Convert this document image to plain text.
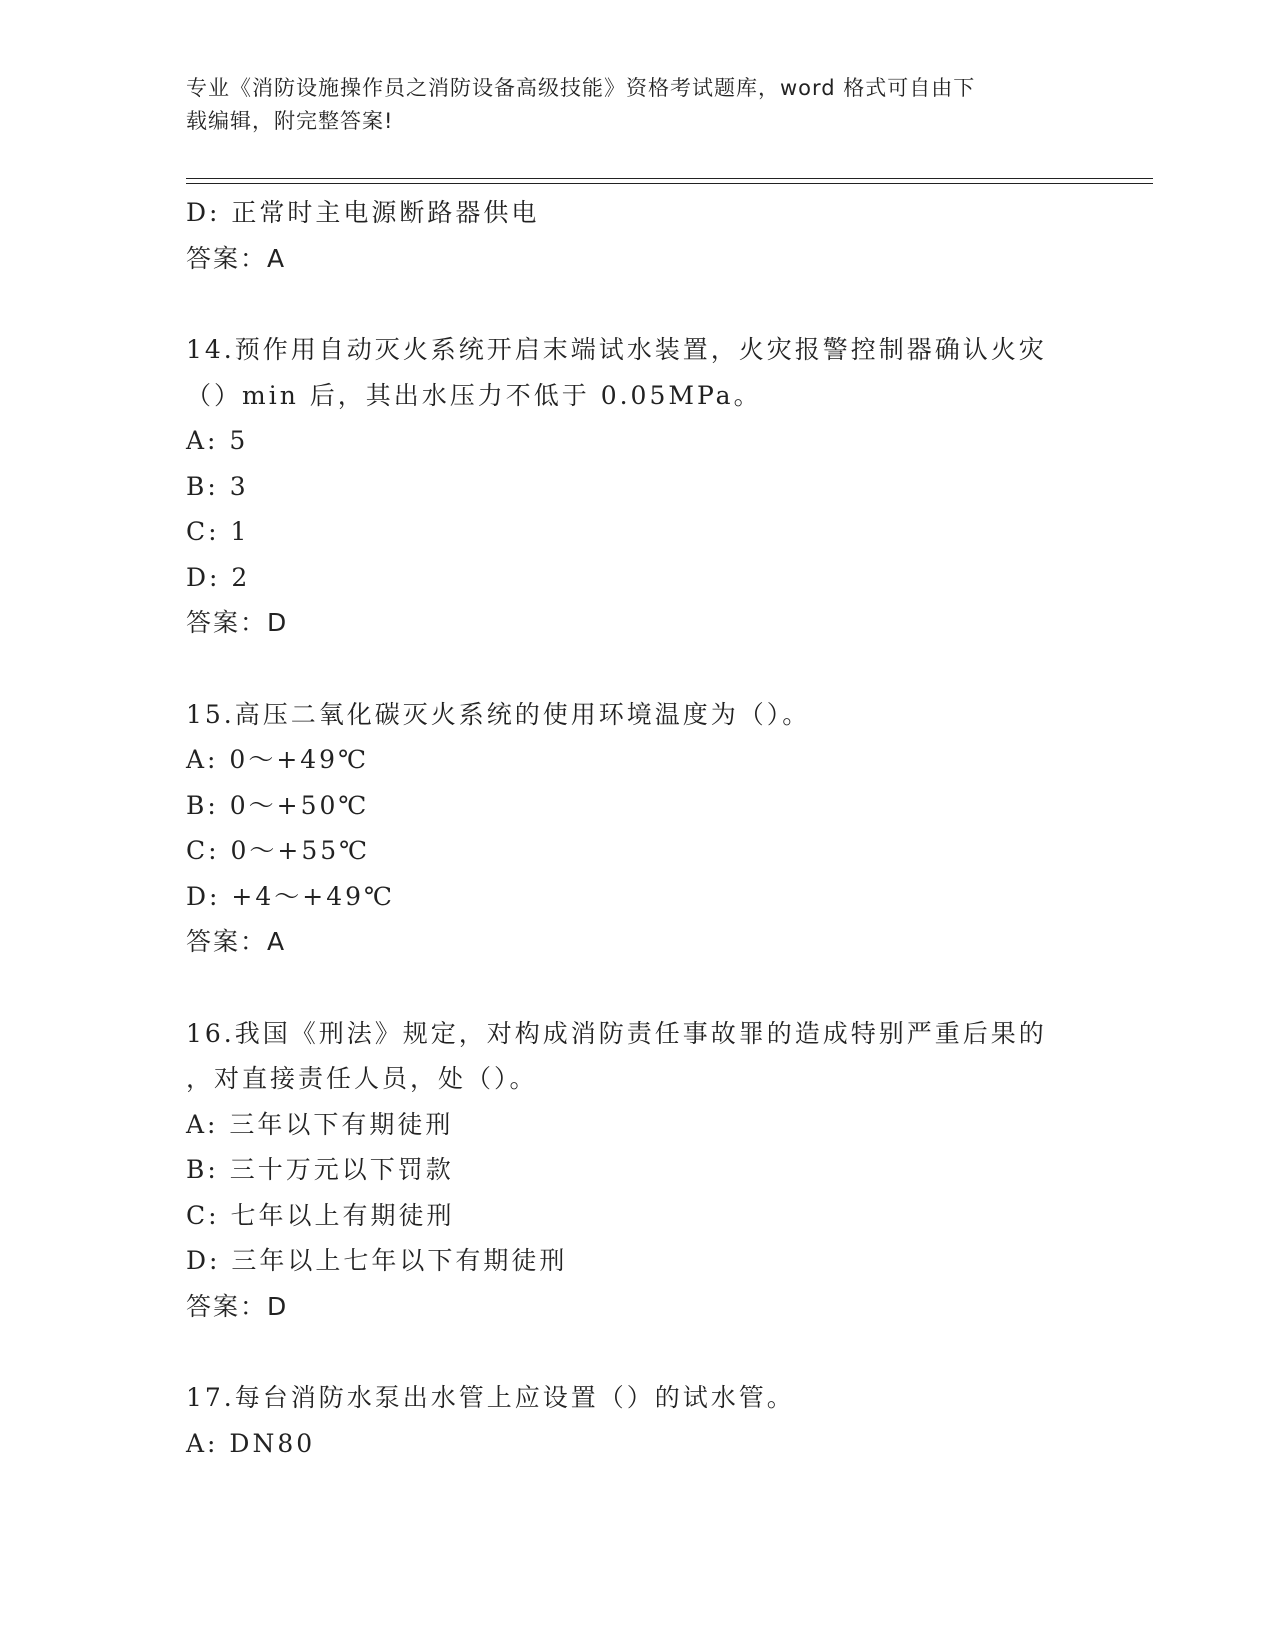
专业《消防设施操作员之消防设备高级技能》资格考试题库，word 格式可自由下
载编辑，附完整答案!
D: 正常时主电源断路器供电
答案：A
14.预作用自动灭火系统开启末端试水装置，火灾报警控制器确认火灾
（）min 后，其出水压力不低于 0.05MPa。
A: 5
B: 3
C: 1
D: 2
答案：D
15.高压二氧化碳灭火系统的使用环境温度为（）。
A: 0～+49℃
B: 0～+50℃
C: 0～+55℃
D: +4～+49℃
答案：A
16.我国《刑法》规定，对构成消防责任事故罪的造成特别严重后果的
，对直接责任人员，处（）。
A: 三年以下有期徒刑
B: 三十万元以下罚款
C: 七年以上有期徒刑
D: 三年以上七年以下有期徒刑
答案：D
17.每台消防水泵出水管上应设置（）的试水管。
A: DN80
